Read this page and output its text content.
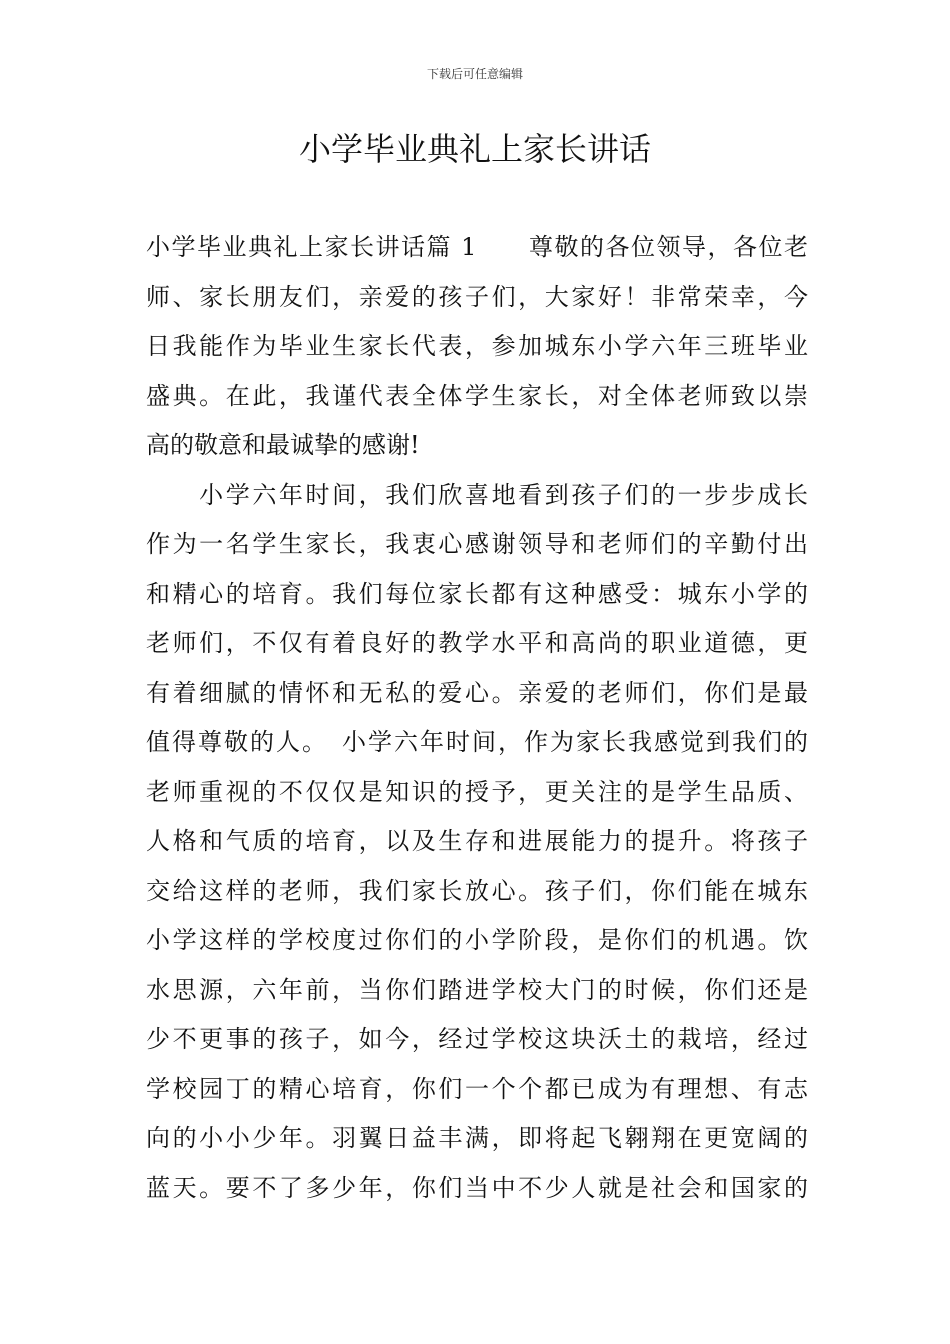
下载后可任意编辑
小学毕业典礼上家长讲话
小学毕业典礼上家长讲话篇 1　　尊敬的各位领导，各位老
师、家长朋友们，亲爱的孩子们，大家好！非常荣幸，今
日我能作为毕业生家长代表，参加城东小学六年三班毕业
盛典。在此，我谨代表全体学生家长，对全体老师致以崇
高的敬意和最诚挚的感谢!
　　小学六年时间，我们欣喜地看到孩子们的一步步成长
作为一名学生家长，我衷心感谢领导和老师们的辛勤付出
和精心的培育。我们每位家长都有这种感受：城东小学的
老师们，不仅有着良好的教学水平和高尚的职业道德，更
有着细腻的情怀和无私的爱心。亲爱的老师们，你们是最
值得尊敬的人。　小学六年时间，作为家长我感觉到我们的
老师重视的不仅仅是知识的授予，更关注的是学生品质、
人格和气质的培育，以及生存和进展能力的提升。将孩子
交给这样的老师，我们家长放心。孩子们，你们能在城东
小学这样的学校度过你们的小学阶段，是你们的机遇。饮
水思源，六年前，当你们踏进学校大门的时候，你们还是
少不更事的孩子，如今，经过学校这块沃土的栽培，经过
学校园丁的精心培育，你们一个个都已成为有理想、有志
向的小小少年。羽翼日益丰满，即将起飞翱翔在更宽阔的
蓝天。要不了多少年，你们当中不少人就是社会和国家的
